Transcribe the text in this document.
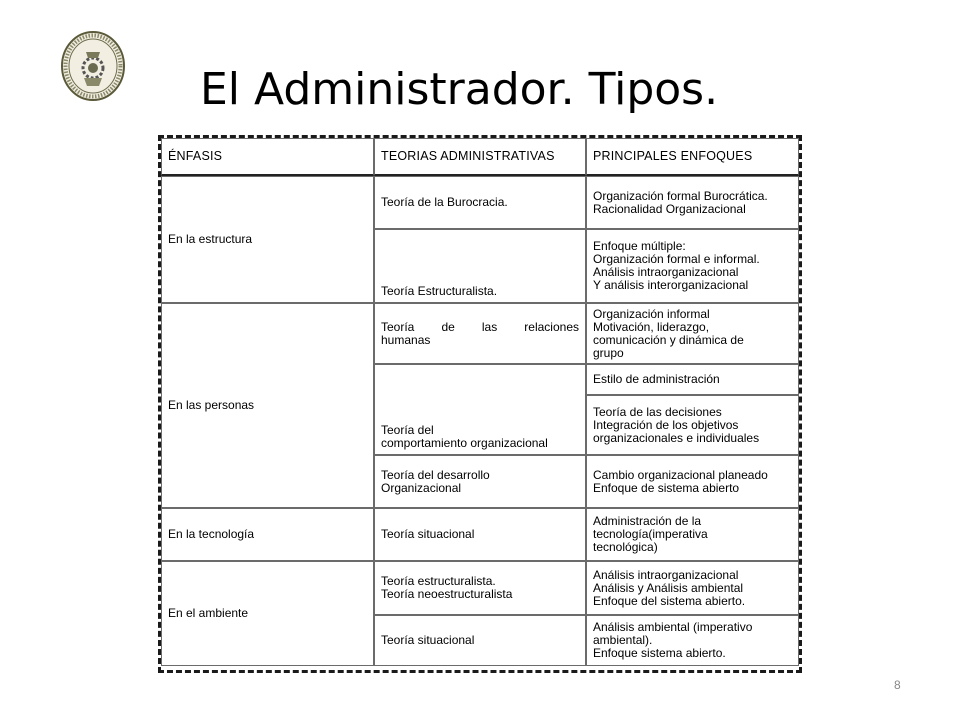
El Administrador. Tipos.
ÉNFASIS	TEORIAS ADMINISTRATIVAS	PRINCIPALES ENFOQUES
En la estructura
En las personas
En la tecnología
En el ambiente
Teoría de la Burocracia.
Teoría Estructuralista.
Teoría de las relaciones
humanas
Teoría del
comportamiento organizacional
Teoría del desarrollo
Organizacional
Teoría situacional
Teoría estructuralista.
Teoría neoestructuralista
Teoría situacional
Organización formal Burocrática.
Racionalidad Organizacional
Enfoque múltiple:
Organización formal e informal.
Análisis intraorganizacional
Y análisis interorganizacional
Organización informal
Motivación, liderazgo,
comunicación y dinámica de
grupo
Estilo de administración
Teoría de las decisiones
Integración de los objetivos
organizacionales e individuales
Cambio organizacional planeado
Enfoque de sistema abierto
Administración de la
tecnología(imperativa
tecnológica)
Análisis intraorganizacional
Análisis y Análisis ambiental
Enfoque del sistema abierto.
Análisis ambiental (imperativo
ambiental).
Enfoque sistema abierto.
8
